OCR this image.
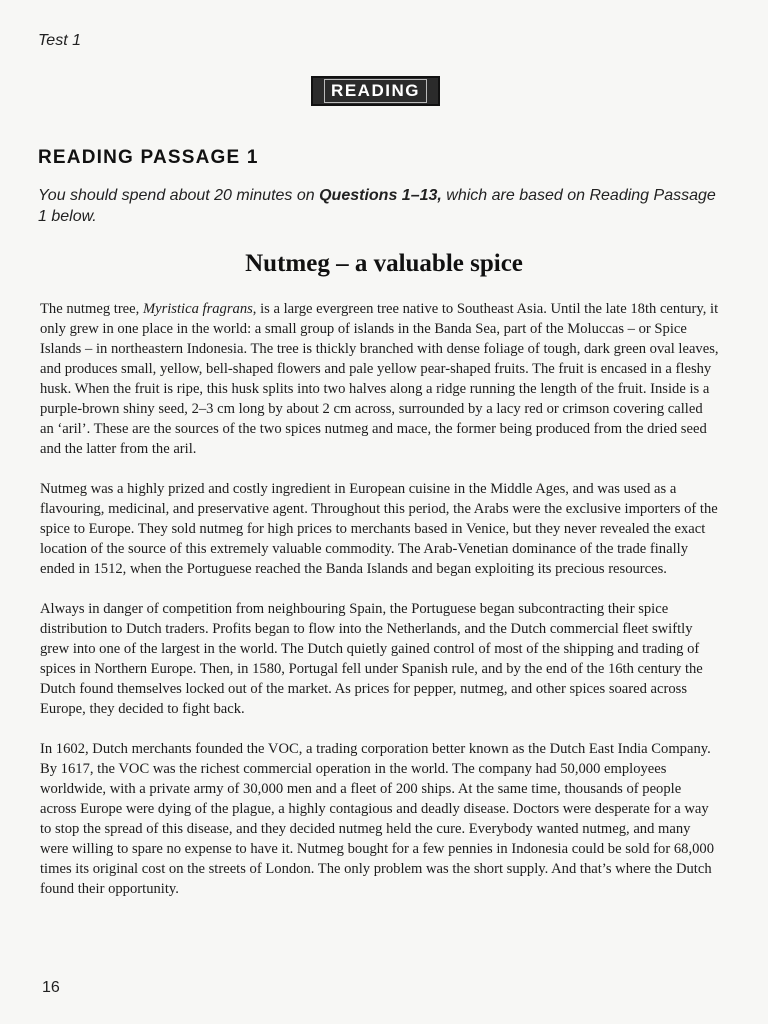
Test 1
READING
READING PASSAGE 1
You should spend about 20 minutes on Questions 1–13, which are based on Reading Passage 1 below.
Nutmeg – a valuable spice

The nutmeg tree, Myristica fragrans, is a large evergreen tree native to Southeast Asia. Until the late 18th century, it only grew in one place in the world: a small group of islands in the Banda Sea, part of the Moluccas – or Spice Islands – in northeastern Indonesia. The tree is thickly branched with dense foliage of tough, dark green oval leaves, and produces small, yellow, bell-shaped flowers and pale yellow pear-shaped fruits. The fruit is encased in a fleshy husk. When the fruit is ripe, this husk splits into two halves along a ridge running the length of the fruit. Inside is a purple-brown shiny seed, 2–3 cm long by about 2 cm across, surrounded by a lacy red or crimson covering called an ‘aril’. These are the sources of the two spices nutmeg and mace, the former being produced from the dried seed and the latter from the aril.

Nutmeg was a highly prized and costly ingredient in European cuisine in the Middle Ages, and was used as a flavouring, medicinal, and preservative agent. Throughout this period, the Arabs were the exclusive importers of the spice to Europe. They sold nutmeg for high prices to merchants based in Venice, but they never revealed the exact location of the source of this extremely valuable commodity. The Arab-Venetian dominance of the trade finally ended in 1512, when the Portuguese reached the Banda Islands and began exploiting its precious resources.

Always in danger of competition from neighbouring Spain, the Portuguese began subcontracting their spice distribution to Dutch traders. Profits began to flow into the Netherlands, and the Dutch commercial fleet swiftly grew into one of the largest in the world. The Dutch quietly gained control of most of the shipping and trading of spices in Northern Europe. Then, in 1580, Portugal fell under Spanish rule, and by the end of the 16th century the Dutch found themselves locked out of the market. As prices for pepper, nutmeg, and other spices soared across Europe, they decided to fight back.

In 1602, Dutch merchants founded the VOC, a trading corporation better known as the Dutch East India Company. By 1617, the VOC was the richest commercial operation in the world. The company had 50,000 employees worldwide, with a private army of 30,000 men and a fleet of 200 ships. At the same time, thousands of people across Europe were dying of the plague, a highly contagious and deadly disease. Doctors were desperate for a way to stop the spread of this disease, and they decided nutmeg held the cure. Everybody wanted nutmeg, and many were willing to spare no expense to have it. Nutmeg bought for a few pennies in Indonesia could be sold for 68,000 times its original cost on the streets of London. The only problem was the short supply. And that’s where the Dutch found their opportunity.

16
